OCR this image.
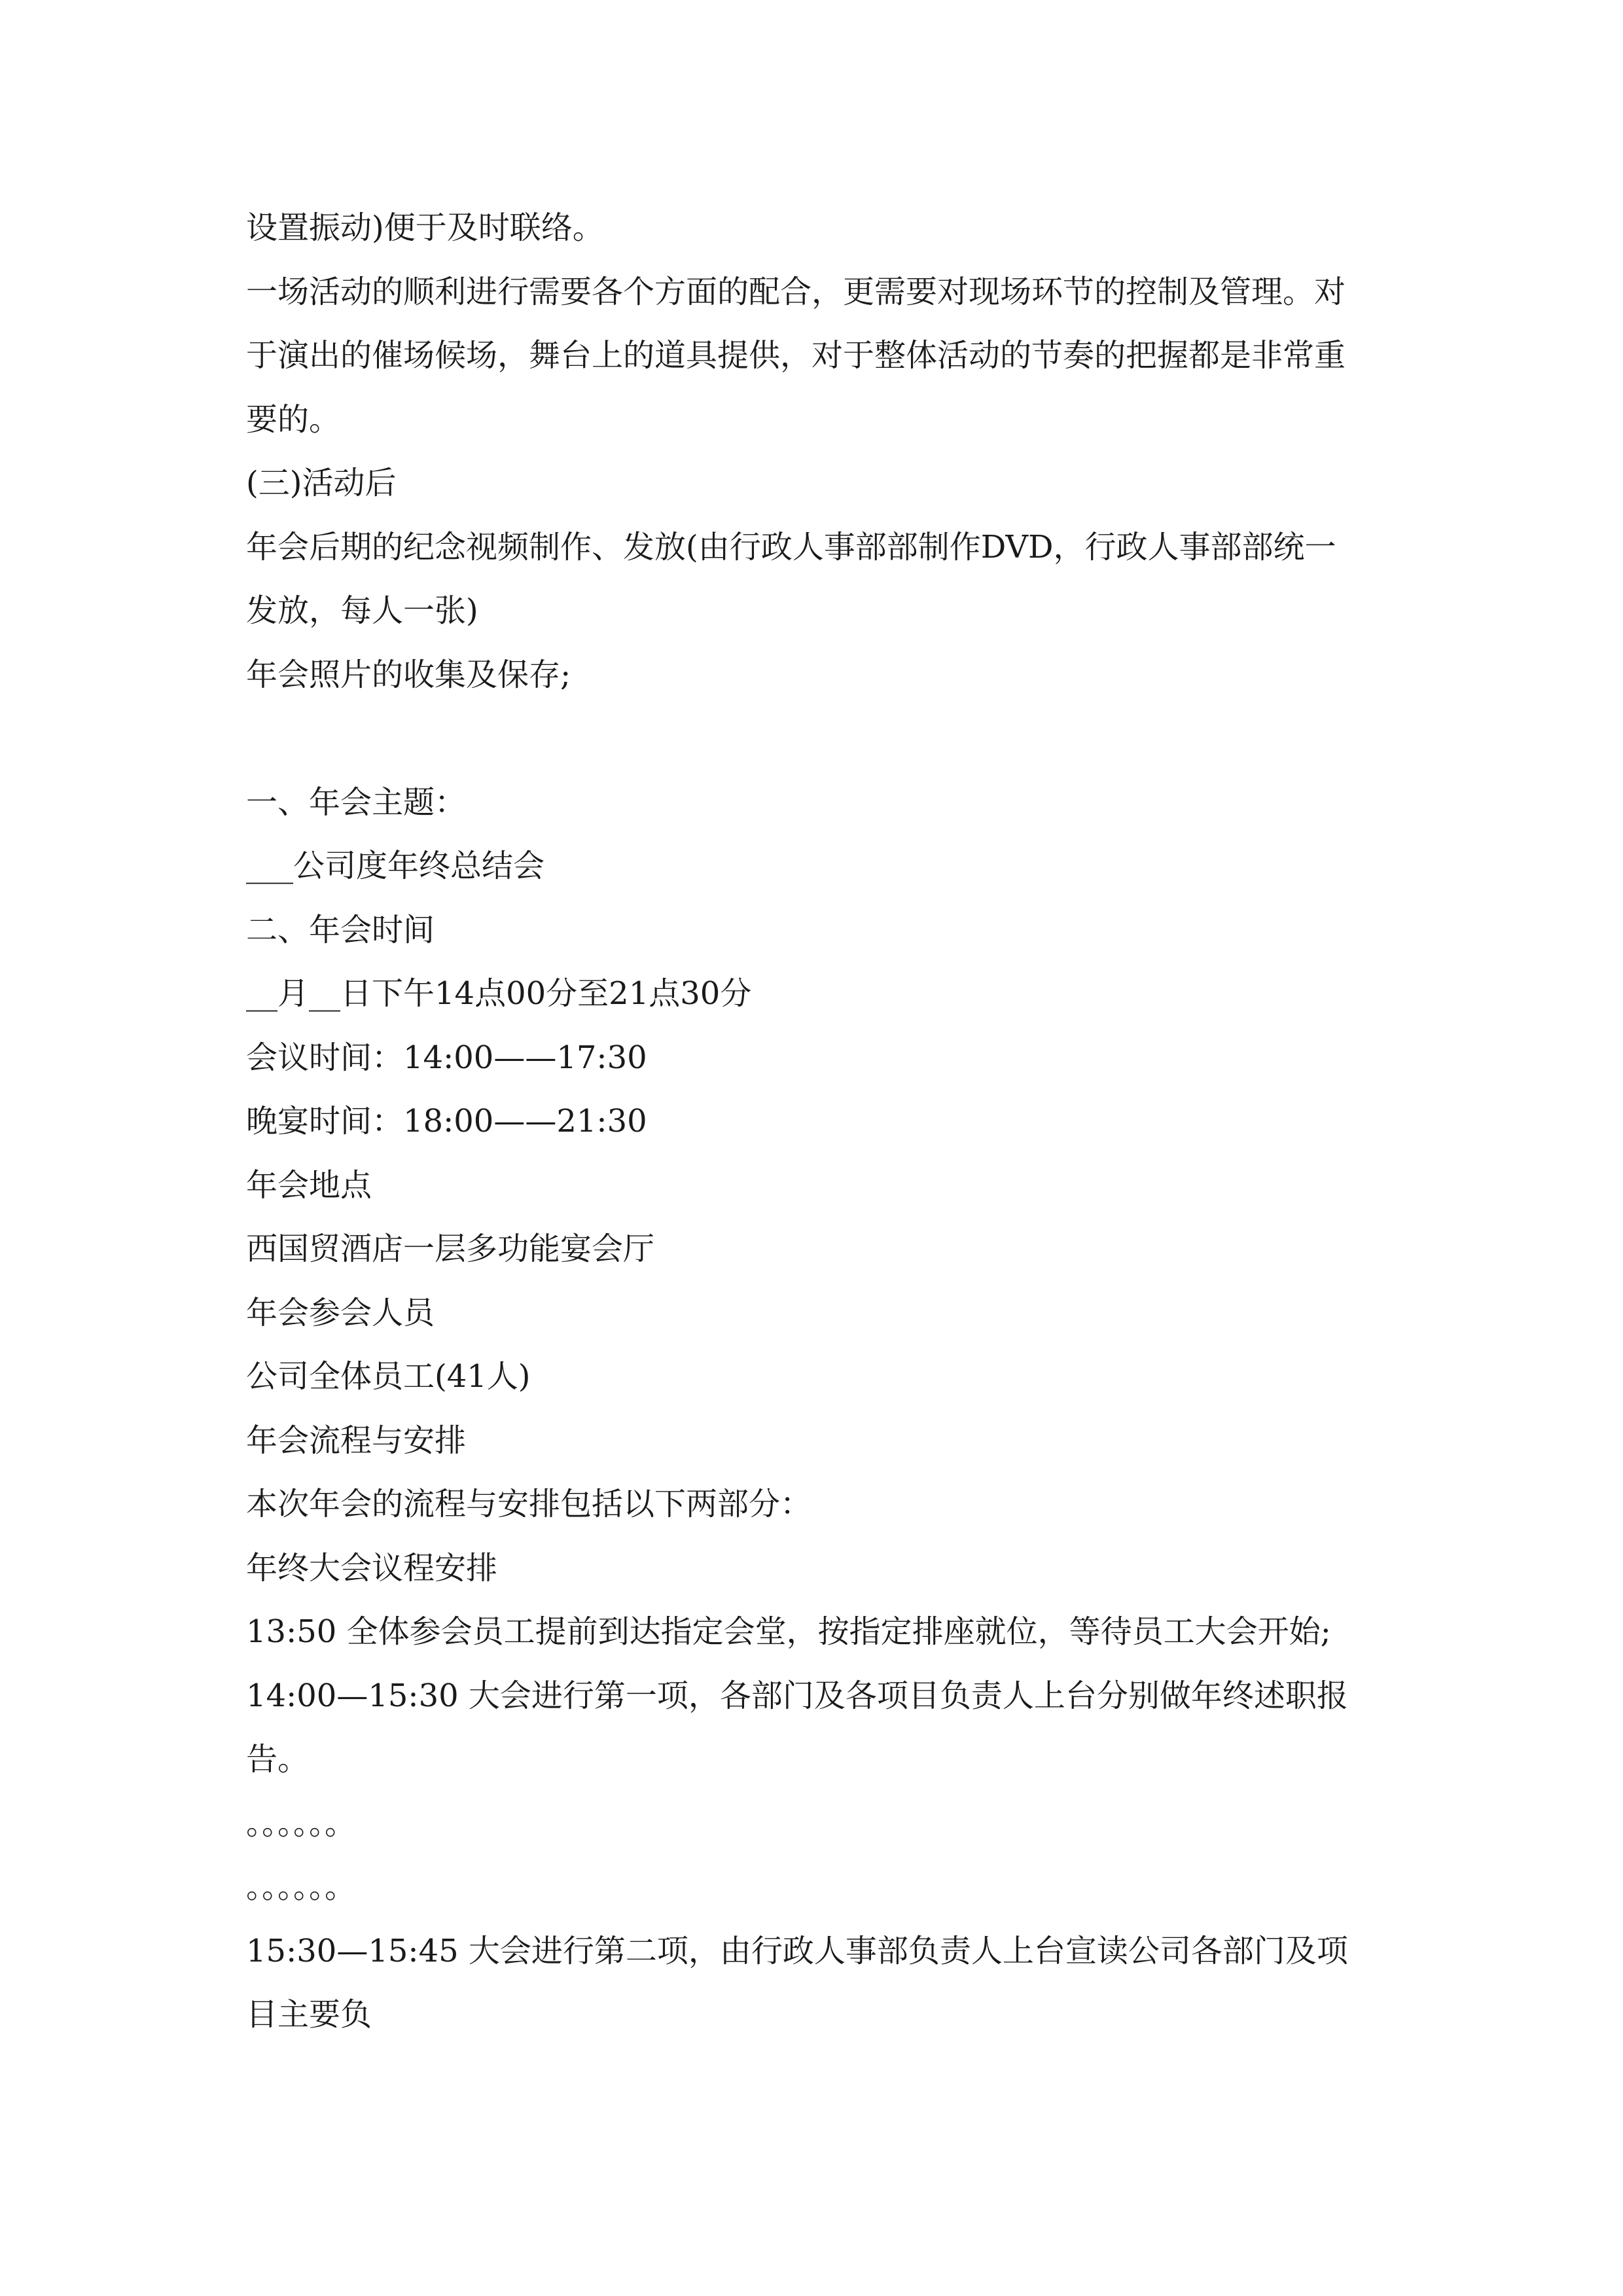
设置振动)便于及时联络。
一场活动的顺利进行需要各个方面的配合，更需要对现场环节的控制及管理。对
于演出的催场候场，舞台上的道具提供，对于整体活动的节奏的把握都是非常重
要的。
(三)活动后
年会后期的纪念视频制作、发放(由行政人事部部制作DVD，行政人事部部统一
发放，每人一张)
年会照片的收集及保存;
一、年会主题：
___公司度年终总结会
二、年会时间
__月__日下午14点00分至21点30分
会议时间：14:00——17:30
晚宴时间：18:00——21:30
年会地点
西国贸酒店一层多功能宴会厅
年会参会人员
公司全体员工(41人)
年会流程与安排
本次年会的流程与安排包括以下两部分：
年终大会议程安排
13:50 全体参会员工提前到达指定会堂，按指定排座就位，等待员工大会开始;
14:00—15:30 大会进行第一项，各部门及各项目负责人上台分别做年终述职报
告。
。。。。。。
。。。。。。
15:30—15:45 大会进行第二项，由行政人事部负责人上台宣读公司各部门及项
目主要负
